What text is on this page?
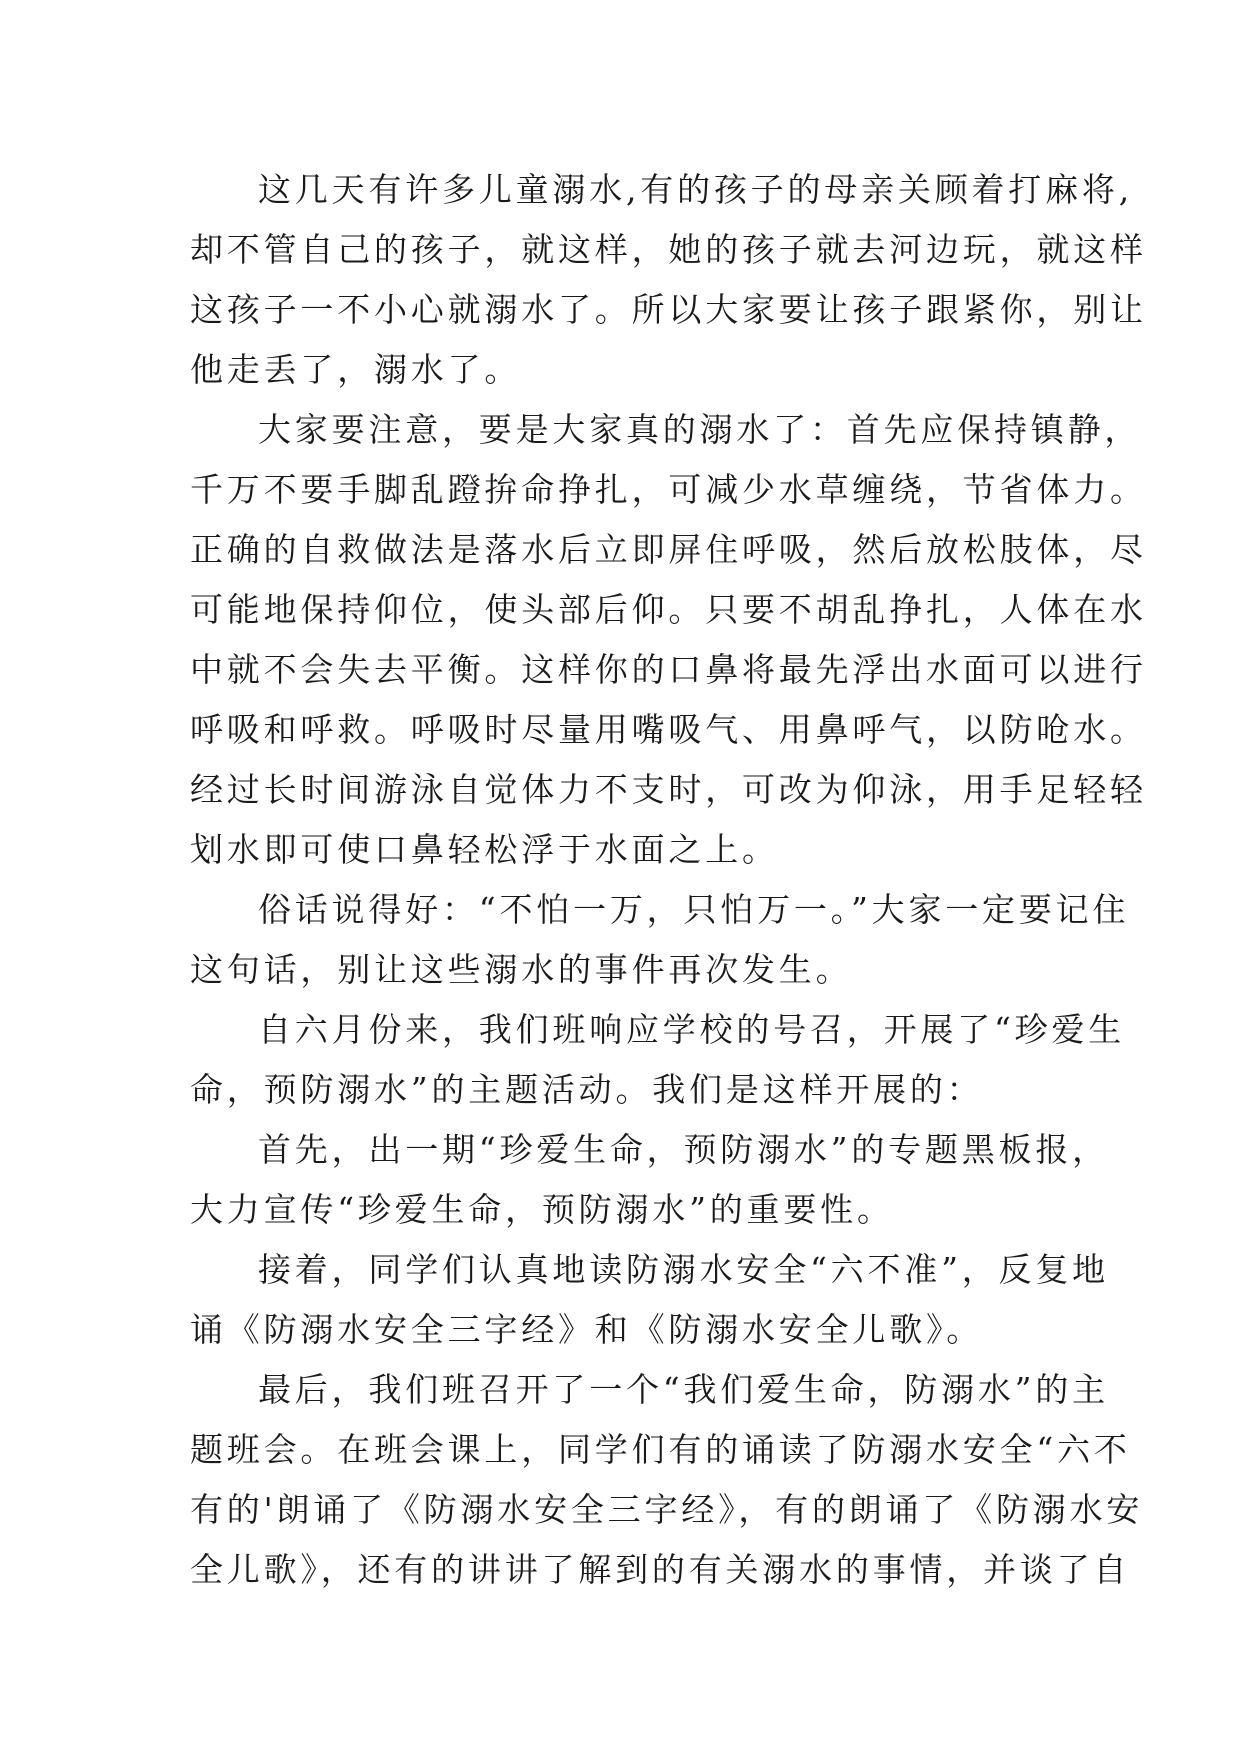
这几天有许多儿童溺水,有的孩子的母亲关顾着打麻将,
却不管自己的孩子，就这样，她的孩子就去河边玩，就这样
这孩子一不小心就溺水了。所以大家要让孩子跟紧你，别让
他走丢了，溺水了。
大家要注意，要是大家真的溺水了：首先应保持镇静，
千万不要手脚乱蹬拚命挣扎，可减少水草缠绕，节省体力。
正确的自救做法是落水后立即屏住呼吸，然后放松肢体，尽
可能地保持仰位，使头部后仰。只要不胡乱挣扎，人体在水
中就不会失去平衡。这样你的口鼻将最先浮出水面可以进行
呼吸和呼救。呼吸时尽量用嘴吸气、用鼻呼气，以防呛水。
经过长时间游泳自觉体力不支时，可改为仰泳，用手足轻轻
划水即可使口鼻轻松浮于水面之上。
俗话说得好：“不怕一万，只怕万一。”大家一定要记住
这句话，别让这些溺水的事件再次发生。
自六月份来，我们班响应学校的号召，开展了“珍爱生
命，预防溺水”的主题活动。我们是这样开展的：
首先，出一期“珍爱生命，预防溺水”的专题黑板报，
大力宣传“珍爱生命，预防溺水”的重要性。
接着，同学们认真地读防溺水安全“六不准”，反复地
诵《防溺水安全三字经》和《防溺水安全儿歌》。
最后，我们班召开了一个“我们爱生命，防溺水”的主
题班会。在班会课上，同学们有的诵读了防溺水安全“六不
有的'朗诵了《防溺水安全三字经》，有的朗诵了《防溺水安
全儿歌》，还有的讲讲了解到的有关溺水的事情，并谈了自
